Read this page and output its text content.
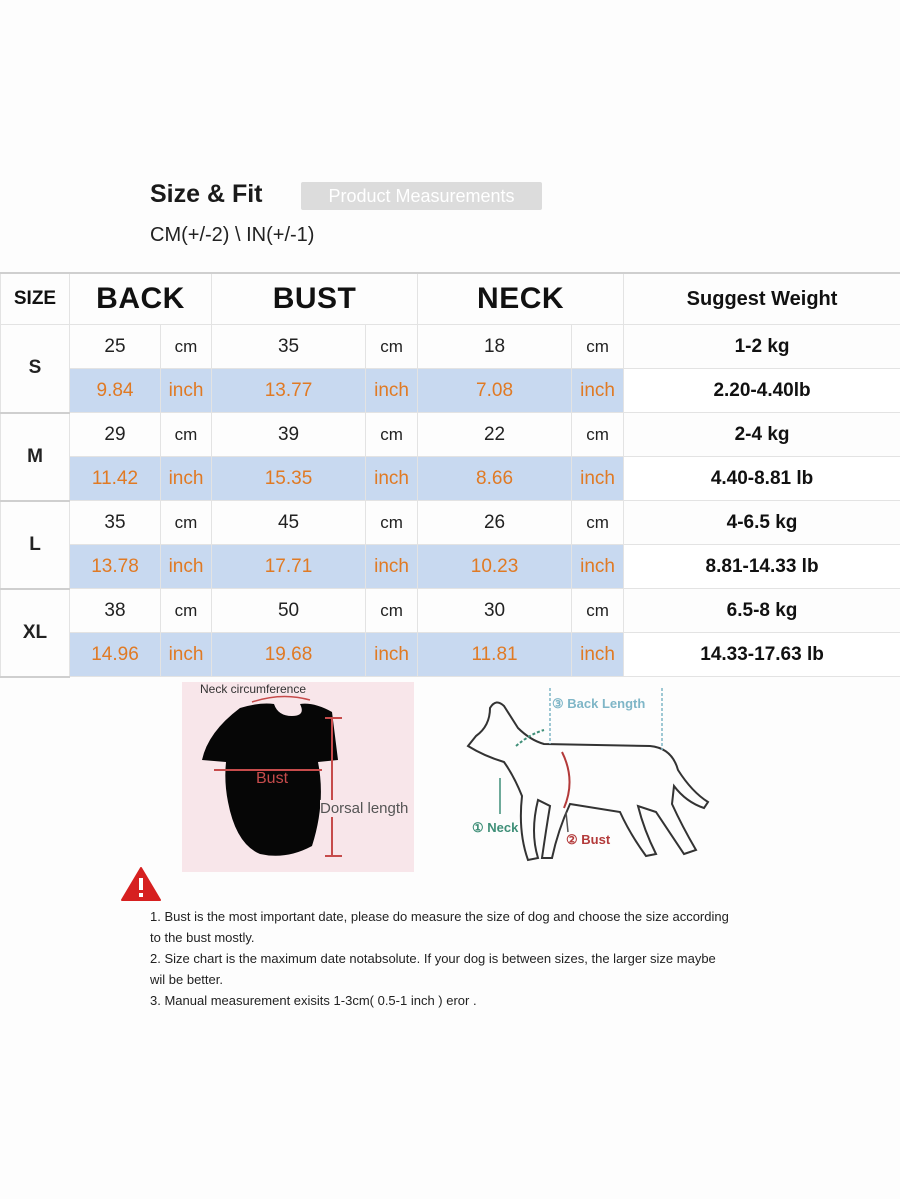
Size & Fit	Product Measurements
CM(+/-2) \ IN(+/-1)
SIZE	BACK		BUST		NECK		Suggest Weight
S	25	cm	35	cm	18	cm	1-2 kg
	9.84	inch	13.77	inch	7.08	inch	2.20-4.40lb
M	29	cm	39	cm	22	cm	2-4 kg
	11.42	inch	15.35	inch	8.66	inch	4.40-8.81 lb
L	35	cm	45	cm	26	cm	4-6.5 kg
	13.78	inch	17.71	inch	10.23	inch	8.81-14.33 lb
XL	38	cm	50	cm	30	cm	6.5-8 kg
	14.96	inch	19.68	inch	11.81	inch	14.33-17.63 lb
Neck circumference
Bust
Dorsal length
③ Back Length
① Neck
② Bust
1. Bust is the most important date, please do measure the size of dog and choose the size according to the bust mostly.
2. Size chart is the maximum date notabsolute. If your dog is between sizes, the larger size maybe wil be better.
3. Manual measurement exisits 1-3cm( 0.5-1 inch ) eror .
